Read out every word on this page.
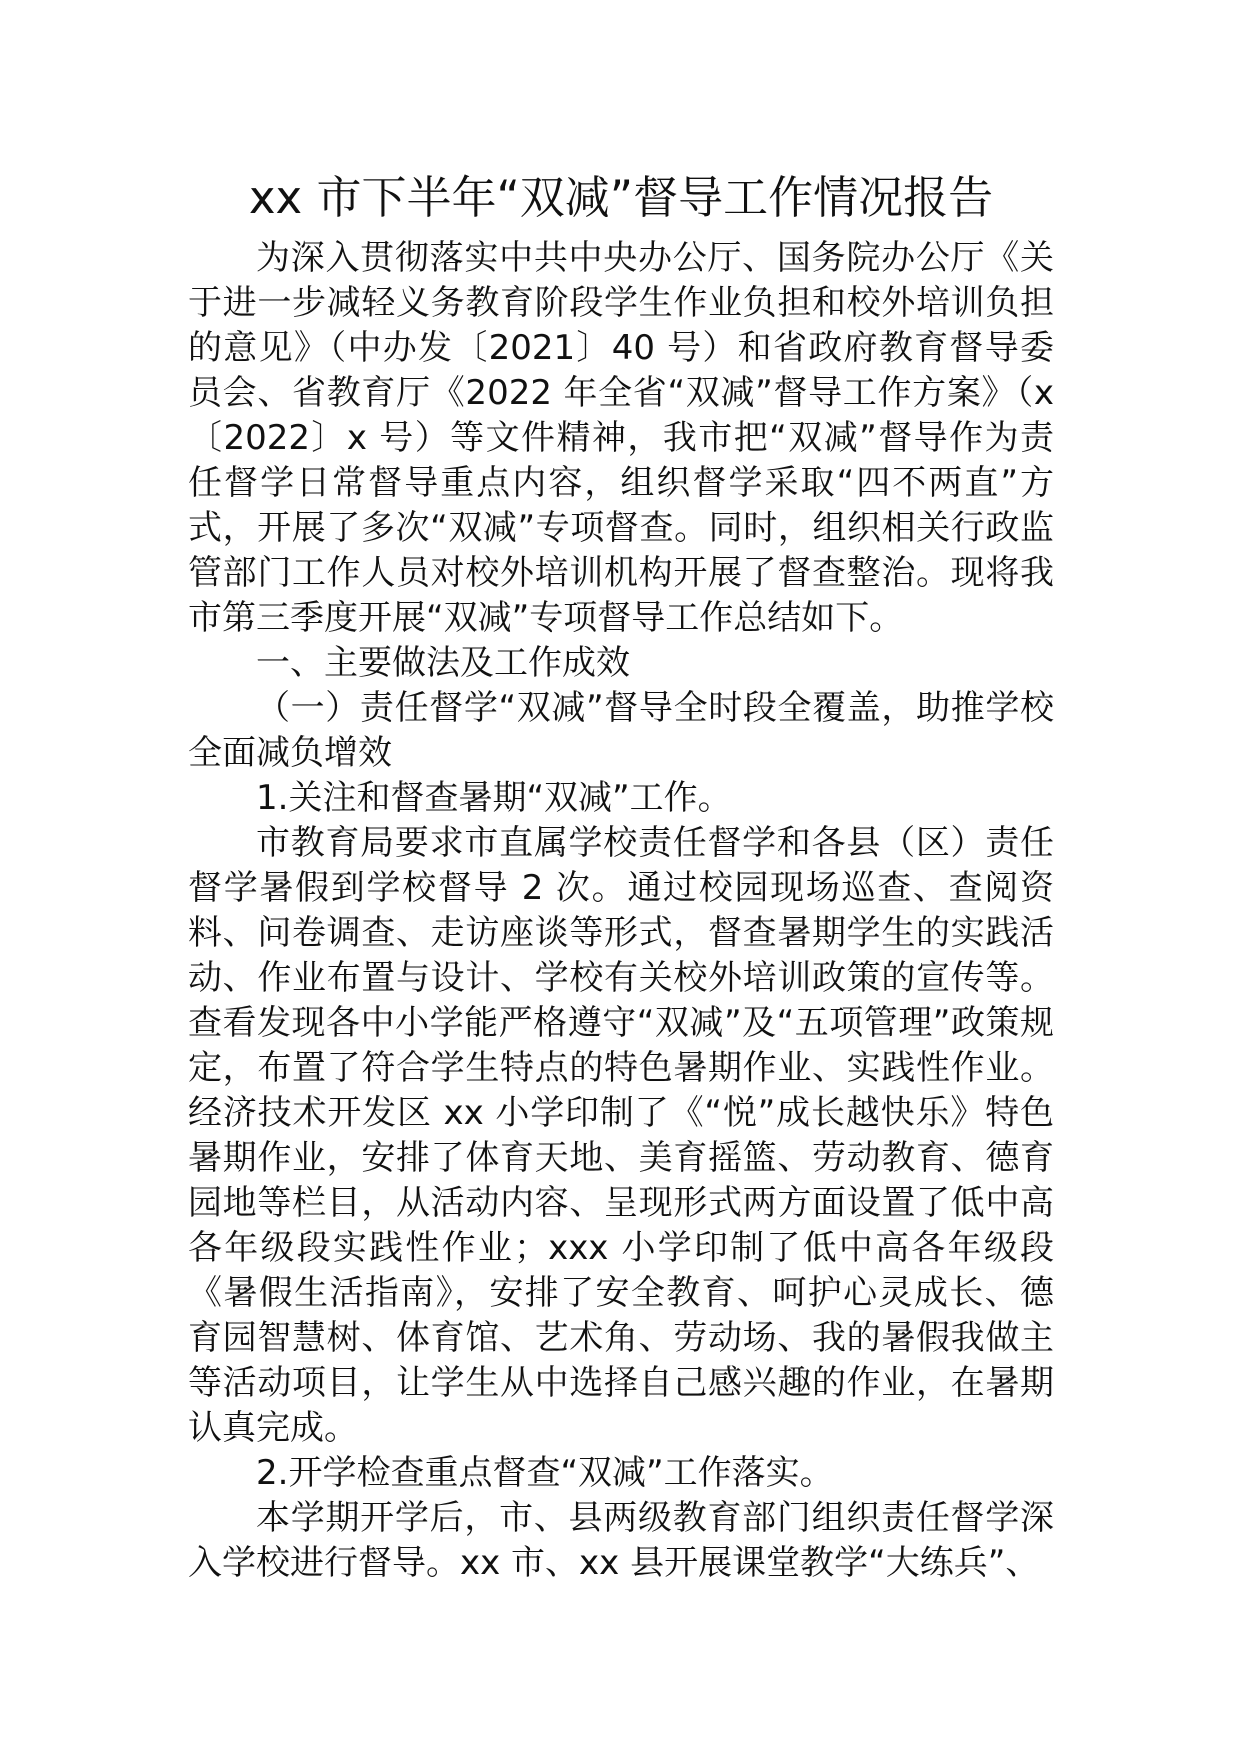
xx 市下半年“双减”督导工作情况报告

为深入贯彻落实中共中央办公厅、国务院办公厅《关于进一步减轻义务教育阶段学生作业负担和校外培训负担的意见》（中办发〔2021〕40 号）和省政府教育督导委员会、省教育厅《2022 年全省“双减”督导工作方案》（x〔2022〕x 号）等文件精神，我市把“双减”督导作为责任督学日常督导重点内容，组织督学采取“四不两直”方式，开展了多次“双减”专项督查。同时，组织相关行政监管部门工作人员对校外培训机构开展了督查整治。现将我市第三季度开展“双减”专项督导工作总结如下。

一、主要做法及工作成效

（一）责任督学“双减”督导全时段全覆盖，助推学校全面减负增效

1.关注和督查暑期“双减”工作。

市教育局要求市直属学校责任督学和各县（区）责任督学暑假到学校督导 2 次。通过校园现场巡查、查阅资料、问卷调查、走访座谈等形式，督查暑期学生的实践活动、作业布置与设计、学校有关校外培训政策的宣传等。查看发现各中小学能严格遵守“双减”及“五项管理”政策规定，布置了符合学生特点的特色暑期作业、实践性作业。经济技术开发区 xx 小学印制了《“悦”成长越快乐》特色暑期作业，安排了体育天地、美育摇篮、劳动教育、德育园地等栏目，从活动内容、呈现形式两方面设置了低中高各年级段实践性作业；xxx 小学印制了低中高各年级段《暑假生活指南》，安排了安全教育、呵护心灵成长、德育园智慧树、体育馆、艺术角、劳动场、我的暑假我做主等活动项目，让学生从中选择自己感兴趣的作业，在暑期认真完成。

2.开学检查重点督查“双减”工作落实。

本学期开学后，市、县两级教育部门组织责任督学深入学校进行督导。xx 市、xx 县开展课堂教学“大练兵”、
